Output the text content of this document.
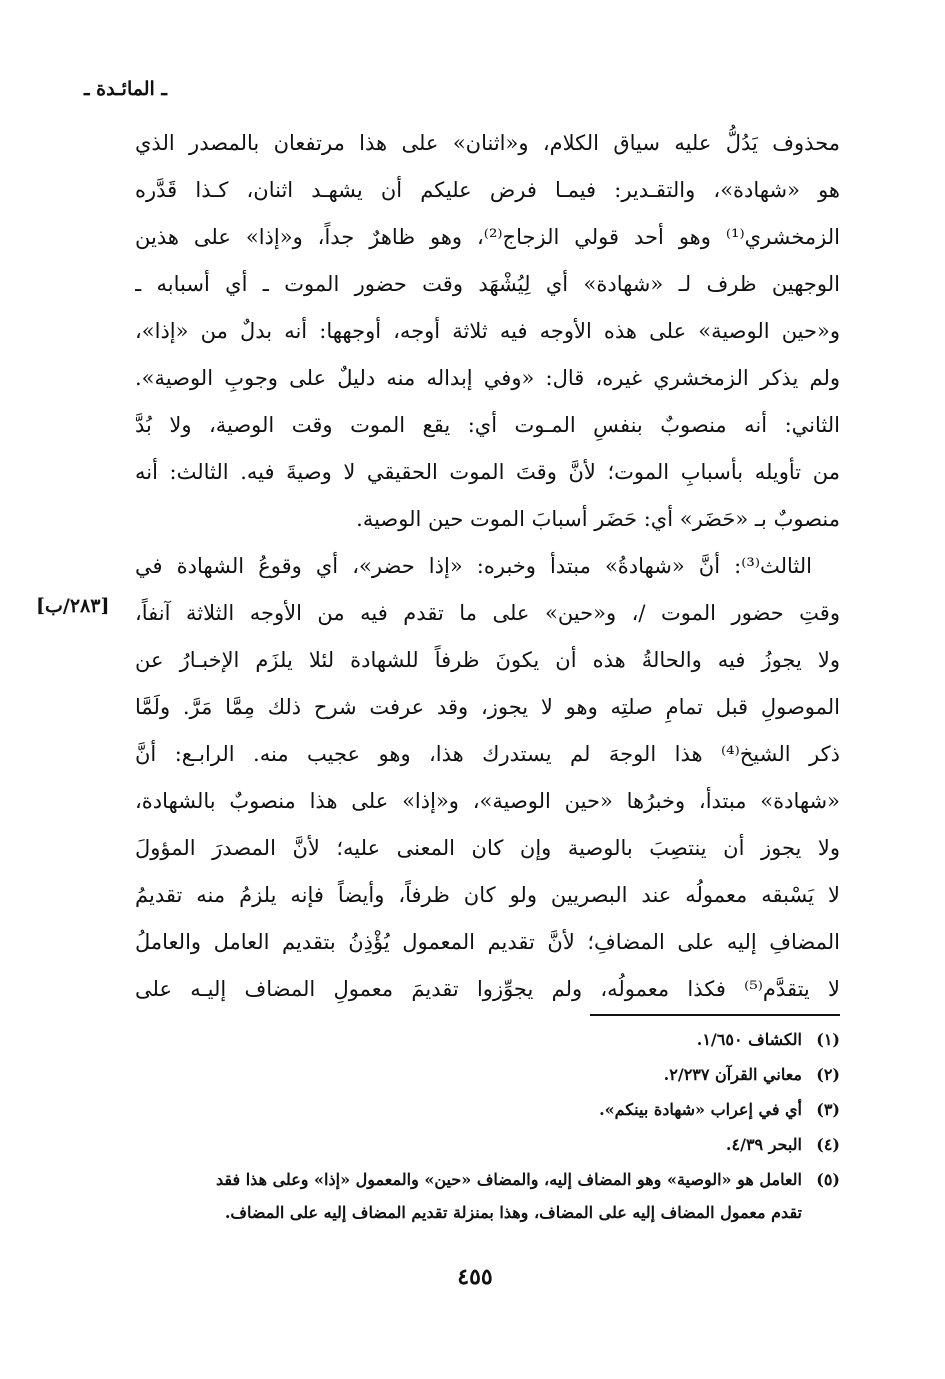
ـ المائـدة ـ
[٢٨٣/ب]
محذوف يَدُلُّ عليه سياق الكلام، و«اثنان» على هذا مرتفعان بالمصدر الذي
هو «شهادة»، والتقـدير: فيمـا فرض عليكم أن يشهـد اثنان، كـذا قَدَّره
الزمخشري⁽¹⁾ وهو أحد قولي الزجاج⁽²⁾، وهو ظاهرٌ جداً، و«إذا» على هذين
الوجهين ظرف لـ «شهادة» أي لِيُشْهَد وقت حضور الموت ـ أي أسبابه ـ
و«حين الوصية» على هذه الأوجه فيه ثلاثة أوجه، أوجهها: أنه بدلٌ من «إذا»،
ولم يذكر الزمخشري غيره، قال: «وفي إبداله منه دليلٌ على وجوبِ الوصية».
الثاني: أنه منصوبٌ بنفسِ المـوت أي: يقع الموت وقت الوصية، ولا بُدَّ
من تأويله بأسبابِ الموت؛ لأنَّ وقتَ الموت الحقيقي لا وصيةَ فيه. الثالث: أنه
منصوبٌ بـ «حَضَر» أي: حَضَر أسبابَ الموت حين الوصية.
الثالث⁽³⁾: أنَّ «شهادةُ» مبتدأ وخبره: «إذا حضر»، أي وقوعُ الشهادة في
وقتِ حضور الموت /، و«حين» على ما تقدم فيه من الأوجه الثلاثة آنفاً،
ولا يجوزُ فيه والحالةُ هذه أن يكونَ ظرفاً للشهادة لئلا يلزَم الإخبـارُ عن
الموصولِ قبل تمامِ صلتِه وهو لا يجوز، وقد عرفت شرح ذلك مِمَّا مَرَّ. ولَمَّا
ذكر الشيخ⁽⁴⁾ هذا الوجهَ لم يستدرك هذا، وهو عجيب منه. الرابـع: أنَّ
«شهادة» مبتدأ، وخبرُها «حين الوصية»، و«إذا» على هذا منصوبٌ بالشهادة،
ولا يجوز أن ينتصِبَ بالوصية وإن كان المعنى عليه؛ لأنَّ المصدرَ المؤولَ
لا يَسْبقه معمولُه عند البصريين ولو كان ظرفاً، وأيضاً فإنه يلزمُ منه تقديمُ
المضافِ إليه على المضافِ؛ لأنَّ تقديم المعمول يُؤْذِنُ بتقديم العامل والعاملُ
لا يتقدَّم⁽⁵⁾ فكذا معمولُه، ولم يجوِّزوا تقديمَ معمولِ المضاف إليـه على
(١)الكشاف ١/٦٥٠.
(٢)معاني القرآن ٢/٢٣٧.
(٣)أي في إعراب «شهادة بينكم».
(٤)البحر ٤/٣٩.
(٥)العامل هو «الوصية» وهو المضاف إليه، والمضاف «حين» والمعمول «إذا» وعلى هذا فقد
تقدم معمول المضاف إليه على المضاف، وهذا بمنزلة تقديم المضاف إليه على المضاف.
٤٥٥
